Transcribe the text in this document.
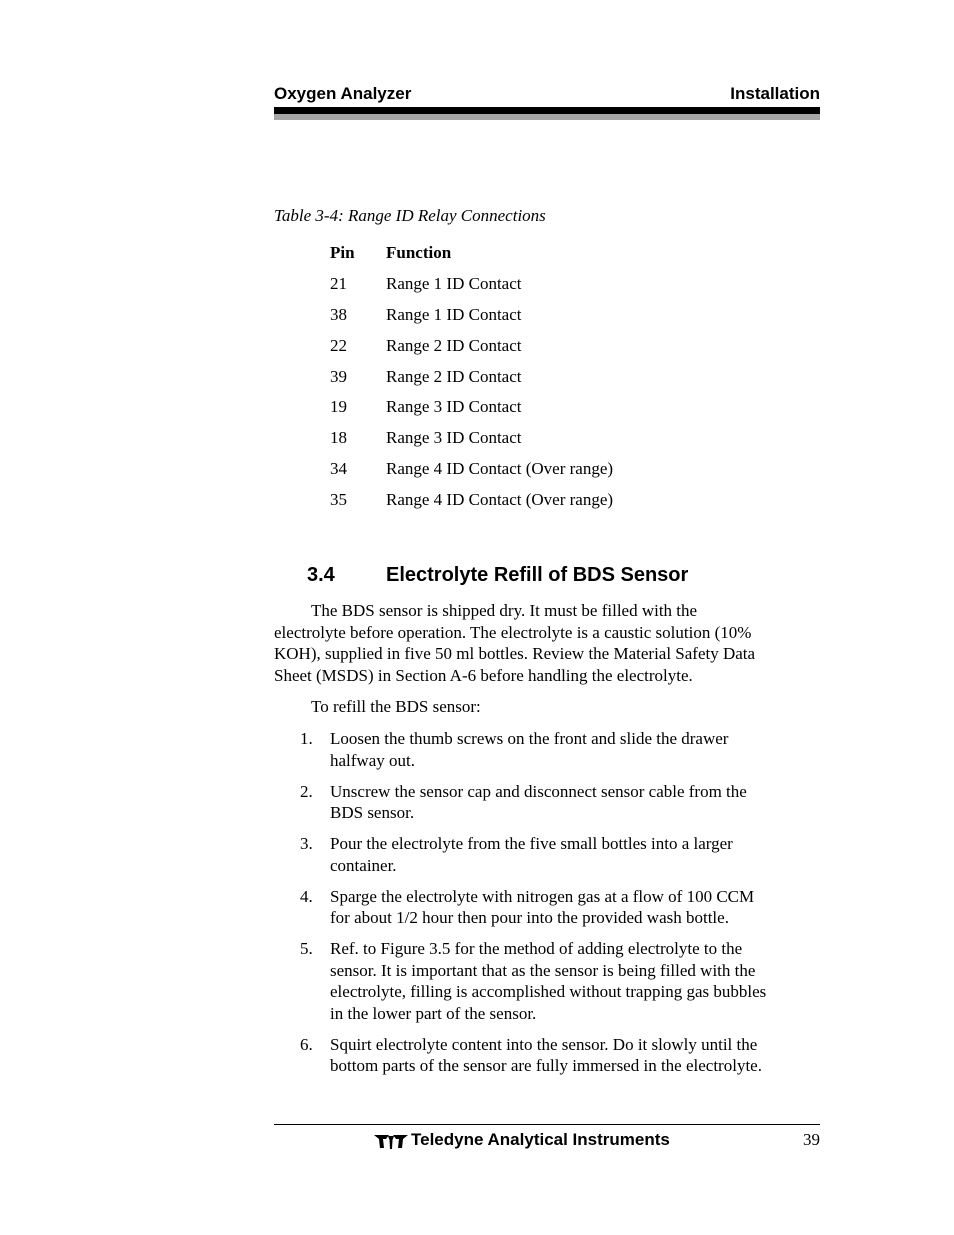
Oxygen Analyzer	Installation
Table 3-4: Range ID Relay Connections
Pin Function
21 Range 1 ID Contact
38 Range 1 ID Contact
22 Range 2 ID Contact
39 Range 2 ID Contact
19 Range 3 ID Contact
18 Range 3 ID Contact
34 Range 4 ID Contact (Over range)
35 Range 4 ID Contact (Over range)
3.4	Electrolyte Refill of BDS Sensor
The BDS sensor is shipped dry. It must be filled with the
electrolyte before operation. The electrolyte is a caustic solution (10%
KOH), supplied in five 50 ml bottles. Review the Material Safety Data
Sheet (MSDS) in Section A-6 before handling the electrolyte.
To refill the BDS sensor:
1. Loosen the thumb screws on the front and slide the drawer
halfway out.
2. Unscrew the sensor cap and disconnect sensor cable from the
BDS sensor.
3. Pour the electrolyte from the five small bottles into a larger
container.
4. Sparge the electrolyte with nitrogen gas at a flow of 100 CCM
for about 1/2 hour then pour into the provided wash bottle.
5. Ref. to Figure 3.5 for the method of adding electrolyte to the
sensor. It is important that as the sensor is being filled with the
electrolyte, filling is accomplished without trapping gas bubbles
in the lower part of the sensor.
6. Squirt electrolyte content into the sensor. Do it slowly until the
bottom parts of the sensor are fully immersed in the electrolyte.
Teledyne Analytical Instruments	39
